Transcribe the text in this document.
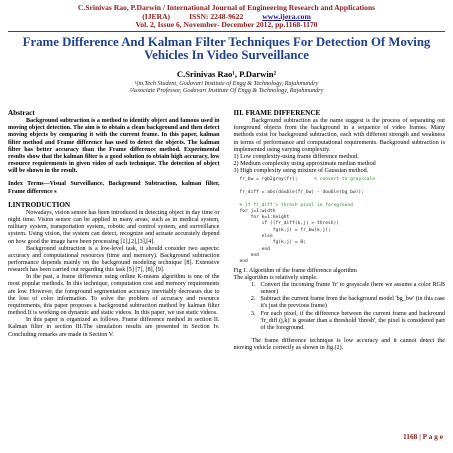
C.Srinivas Rao, P.Darwin / International Journal of Engineering Research and Applications
(IJERA) ISSN: 2248-9622 www.ijera.com
Vol. 2, Issue 6, November- December 2012, pp.1168-1170
Frame Difference And Kalman Filter Techniques For Detection Of Moving Vehicles In Video Surveillance
C.Srinivas Rao¹, P.Darwin²
¹(m.Tech Student, Godavari Institute of Engg & Technology, Rajahmundry
²Associate Professor, Godavari Institute Of Engg & Technology, Rajahmundry
Abstract

Background subtraction is a method to identify object and famous used in moving object detection. The aim is to obtain a clean background and then detect moving objects by comparing it with the current frame. In this paper, kalman filter method and Frame difference has used to detect the objects. The kalman filter has better accuracy than the Frame difference method. Experimental results show that the kalman filter is a good solution to obtain high accuracy, low resource requirements in given video of each technique. The detection of object will be shown in the result.

Index Terms—Visual Surveillance, Background Subtraction, kalman filter, Frame difference s

I.INTRODUCTION

Nowadays, vision sensor has been introduced in detecting object in day time or night time. Vision sensor can be applied in many areas, such as in medical system, military system, transportation system, robotic and control system, and surveillance system. Using vision, the system can detect, recognize and actuate accurately depend on how good the image have been processing [1],[2],[3],[4].

Background subtraction is a low-level task, it should consider two aspects: accuracy and computational resources (time and memory). Background subtraction performance depends mainly on the background modeling technique [8]. Extensive research has been carried out regarding this task [5] [7], [8], [9].

In the past, a frame difference using online K-means algorithm is one of the most popular methods. In this technique, computation cost and memory requirements are low. However, the foreground segmentation accuracy inevitably decreases due to the loss of color information. To solve the problem of accuracy and resource requirements, this paper proposes a background subtraction method by kalman filter method.It is working on dynamic and static videos. In this paper, we use static videos.

In this paper is organized as follows. Frame difference method in section II. Kalman filter in section III.The simulation results are presented in Section Iv. Concluding remarks are made in Section V.

III. FRAME DIFFERENCE

Background subtraction as the name suggest is the process of separating out foreground objects from the background in a sequence of video frames. Many methods exist for background subtraction, each with different strength and weakness in terms of performance and computational requirements. Background subtraction is implemented using varying complexity.

1) Low complexity-using frame difference method.

2) Medium complexity using approximate median method

3) High complexity using mixture of Gaussian method.

fr_bw = rgb2gray(fr);      % convert to grayscale

fr_diff = abs(double(fr_bw) - double(bg_bw));

% if fr_diff > thresh pixel in foreground
for j=1:width
for k=1:height
if ((fr_diff(k,j) > thresh))
fg(k,j) = fr_bw(k,j);
else
fg(k,j) = 0;
end
end
end

Fig 1. Algorithm of the frame difference algorithm

The algorithm is relatively simple.

1. Convert the incoming frame 'fr' to grayscale (here we assume a color RGB sensor)
2. Subtract the current frame from the background model 'bg_bw' (in this case it's just the previous frame)
3. For each pixel, if the difference between the current frame and backround 'fr_diff (j,k)' is greater than a threshold 'thresh', the pixel is considered part of the foreground.

The frame difference technique is low accuracy and it cannot detect the moving vehicle correctly as shown in fig.(2).

1168 | P a g e
